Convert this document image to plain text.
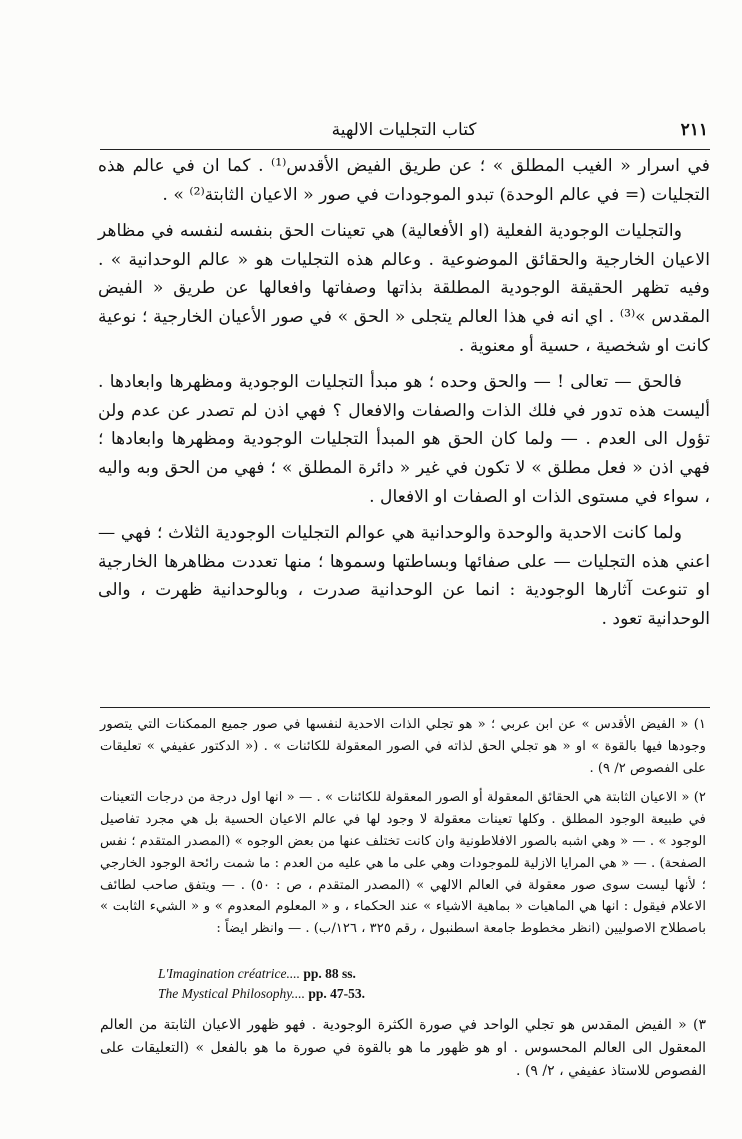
٢١١
كتاب التجليات الالهية

في اسرار « الغيب المطلق » ؛ عن طريق الفيض الأقدس⁽¹⁾ . كما ان في عالم هذه التجليات (= في عالم الوحدة) تبدو الموجودات في صور « الاعيان الثابتة⁽²⁾ » .

والتجليات الوجودية الفعلية (او الأفعالية) هي تعينات الحق بنفسه لنفسه في مظاهر الاعيان الخارجية والحقائق الموضوعية . وعالم هذه التجليات هو « عالم الوحدانية » . وفيه تظهر الحقيقة الوجودية المطلقة بذاتها وصفاتها وافعالها عن طريق « الفيض المقدس »⁽³⁾ . اي انه في هذا العالم يتجلى « الحق » في صور الأعيان الخارجية ؛ نوعية كانت او شخصية ، حسية أو معنوية .

فالحق — تعالى ! — والحق وحده ؛ هو مبدأ التجليات الوجودية ومظهرها وابعادها . أليست هذه تدور في فلك الذات والصفات والافعال ؟ فهي اذن لم تصدر عن عدم ولن تؤول الى العدم . — ولما كان الحق هو المبدأ التجليات الوجودية ومظهرها وابعادها ؛ فهي اذن « فعل مطلق » لا تكون في غير « دائرة المطلق » ؛ فهي من الحق وبه واليه ، سواء في مستوى الذات او الصفات او الافعال .

ولما كانت الاحدية والوحدة والوحدانية هي عوالم التجليات الوجودية الثلاث ؛ فهي — اعني هذه التجليات — على صفائها وبساطتها وسموها ؛ منها تعددت مظاهرها الخارجية او تنوعت آثارها الوجودية : انما عن الوحدانية صدرت ، وبالوحدانية ظهرت ، والى الوحدانية تعود .

١) « الفيض الأقدس » عن ابن عربي ؛ « هو تجلي الذات الاحدية لنفسها في صور جميع الممكنات التي يتصور وجودها فيها بالقوة » او « هو تجلي الحق لذاته في الصور المعقولة للكائنات » . (« الدكتور عفيفي » تعليقات على الفصوص ٢/ ٩) .

٢) « الاعيان الثابتة هي الحقائق المعقولة أو الصور المعقولة للكائنات » . — « انها اول درجة من درجات التعينات في طبيعة الوجود المطلق . وكلها تعينات معقولة لا وجود لها في عالم الاعيان الحسية بل هي مجرد تفاصيل الوجود » . — « وهي اشبه بالصور الافلاطونية وان كانت تختلف عنها من بعض الوجوه » (المصدر المتقدم ؛ نفس الصفحة) . — « هي المرايا الازلية للموجودات وهي على ما هي عليه من العدم : ما شمت رائحة الوجود الخارجي ؛ لأنها ليست سوى صور معقولة في العالم الالهي » (المصدر المتقدم ، ص : ٥٠) . — ويتفق صاحب لطائف الاعلام فيقول : انها هي الماهيات « بماهية الاشياء » عند الحكماء ، و « المعلوم المعدوم » و « الشيء الثابت » باصطلاح الاصوليين (انظر مخطوط جامعة اسطنبول ، رقم ٣٢٥ ، ١٢٦/ب) . — وانظر ايضاً :

L'Imagination créatrice.... pp. 88 ss.
The Mystical Philosophy.... pp. 47-53.

٣) « الفيض المقدس هو تجلي الواحد في صورة الكثرة الوجودية . فهو ظهور الاعيان الثابتة من العالم المعقول الى العالم المحسوس . او هو ظهور ما هو بالقوة في صورة ما هو بالفعل » (التعليقات على الفصوص للاستاذ عفيفي ، ٢/ ٩) .
